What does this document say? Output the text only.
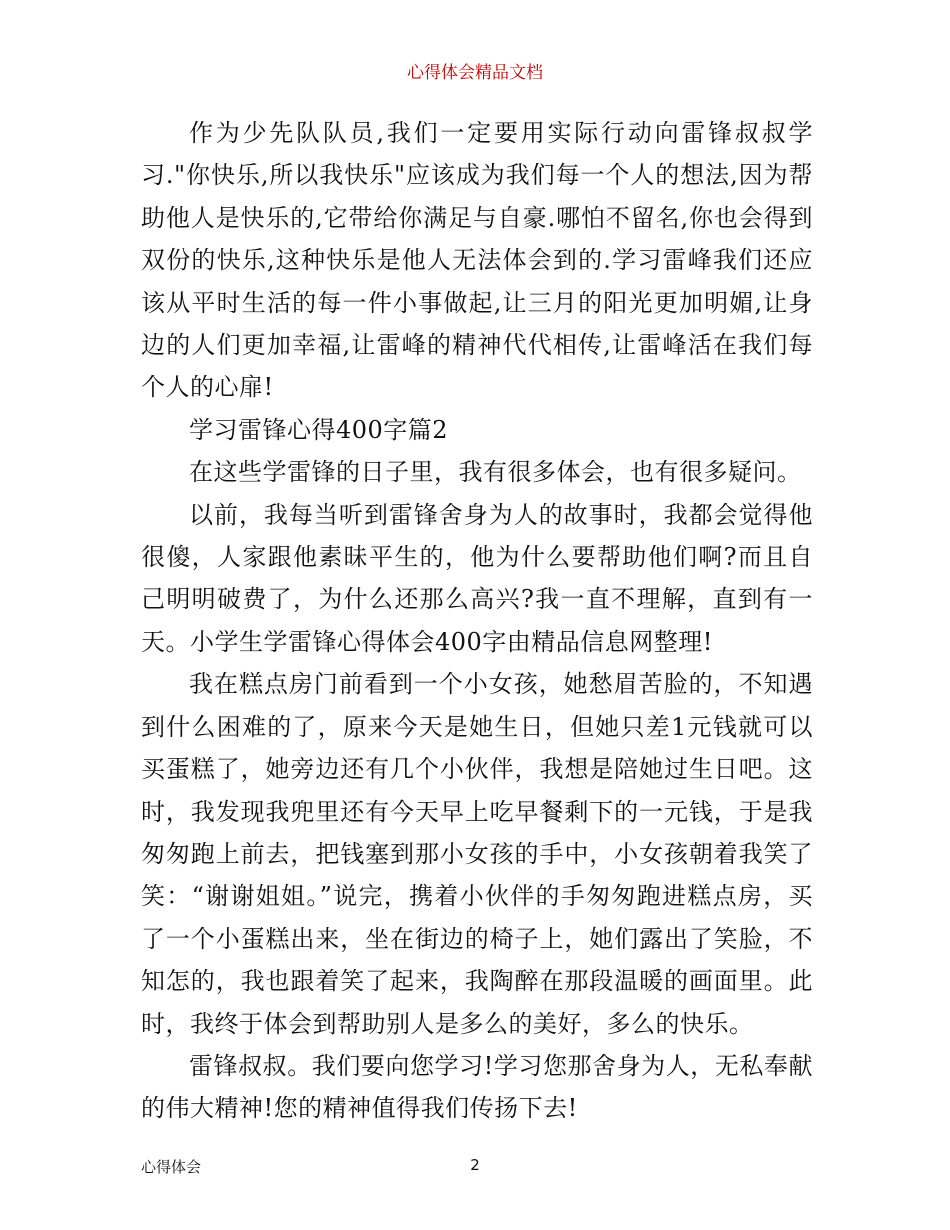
心得体会精品文档

作为少先队队员,我们一定要用实际行动向雷锋叔叔学习."你快乐,所以我快乐"应该成为我们每一个人的想法,因为帮助他人是快乐的,它带给你满足与自豪.哪怕不留名,你也会得到双份的快乐,这种快乐是他人无法体会到的.学习雷峰我们还应该从平时生活的每一件小事做起,让三月的阳光更加明媚,让身边的人们更加幸福,让雷峰的精神代代相传,让雷峰活在我们每个人的心扉!

学习雷锋心得400字篇2

在这些学雷锋的日子里，我有很多体会，也有很多疑问。

以前，我每当听到雷锋舍身为人的故事时，我都会觉得他很傻，人家跟他素昧平生的，他为什么要帮助他们啊?而且自己明明破费了，为什么还那么高兴?我一直不理解，直到有一天。小学生学雷锋心得体会400字由精品信息网整理!

我在糕点房门前看到一个小女孩，她愁眉苦脸的，不知遇到什么困难的了，原来今天是她生日，但她只差1元钱就可以买蛋糕了，她旁边还有几个小伙伴，我想是陪她过生日吧。这时，我发现我兜里还有今天早上吃早餐剩下的一元钱，于是我匆匆跑上前去，把钱塞到那小女孩的手中，小女孩朝着我笑了笑：“谢谢姐姐。”说完，携着小伙伴的手匆匆跑进糕点房，买了一个小蛋糕出来，坐在街边的椅子上，她们露出了笑脸，不知怎的，我也跟着笑了起来，我陶醉在那段温暖的画面里。此时，我终于体会到帮助别人是多么的美好，多么的快乐。

雷锋叔叔。我们要向您学习!学习您那舍身为人，无私奉献的伟大精神!您的精神值得我们传扬下去!

心得体会	2
